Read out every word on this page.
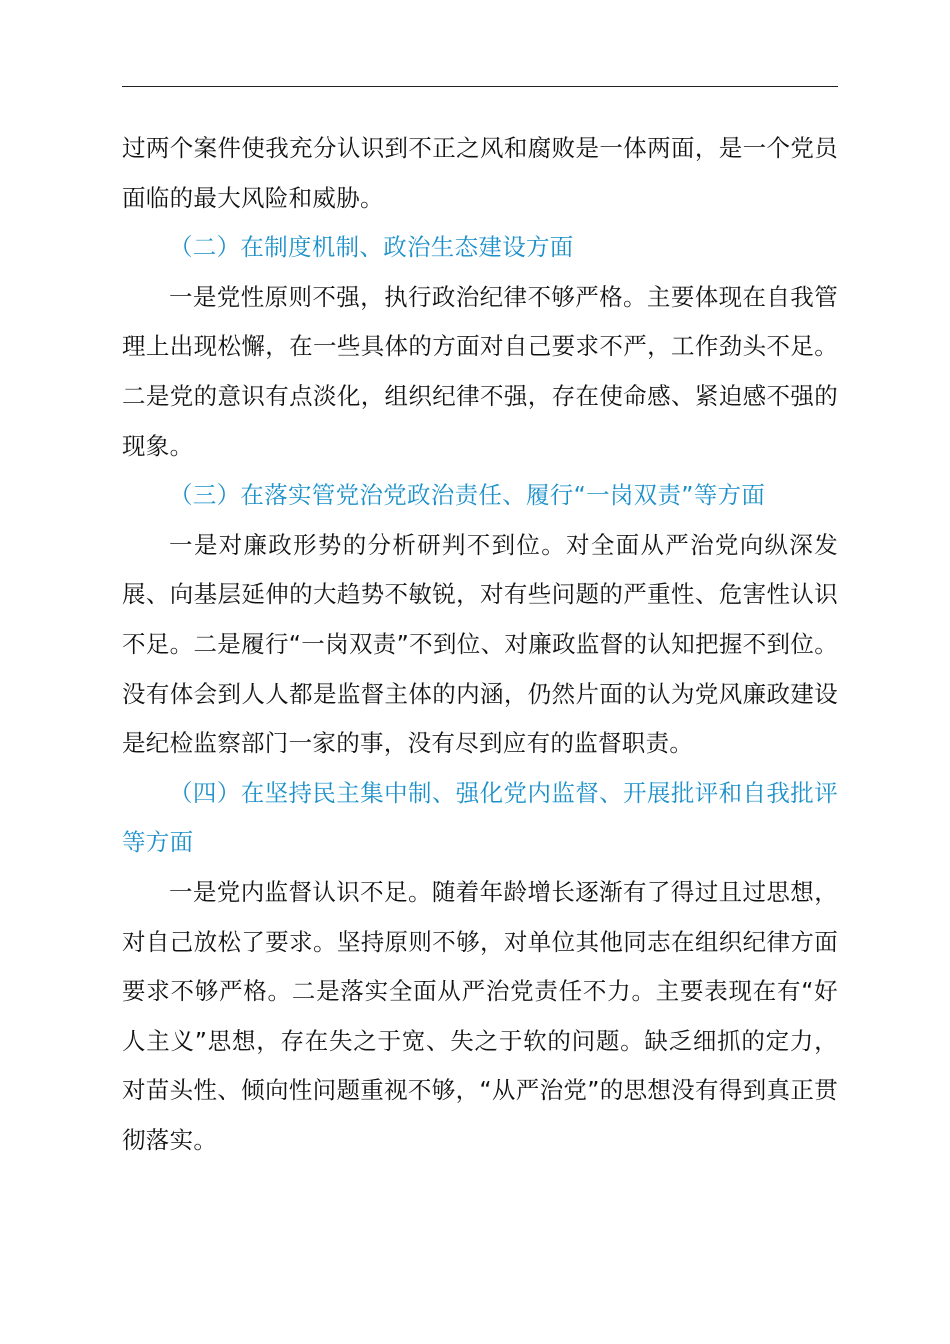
过两个案件使我充分认识到不正之风和腐败是一体两面，是一个党员面临的最大风险和威胁。

（二）在制度机制、政治生态建设方面

一是党性原则不强，执行政治纪律不够严格。主要体现在自我管理上出现松懈，在一些具体的方面对自己要求不严，工作劲头不足。二是党的意识有点淡化，组织纪律不强，存在使命感、紧迫感不强的现象。

（三）在落实管党治党政治责任、履行“一岗双责”等方面

一是对廉政形势的分析研判不到位。对全面从严治党向纵深发展、向基层延伸的大趋势不敏锐，对有些问题的严重性、危害性认识不足。二是履行“一岗双责”不到位、对廉政监督的认知把握不到位。没有体会到人人都是监督主体的内涵，仍然片面的认为党风廉政建设是纪检监察部门一家的事，没有尽到应有的监督职责。

（四）在坚持民主集中制、强化党内监督、开展批评和自我批评等方面

一是党内监督认识不足。随着年龄增长逐渐有了得过且过思想，对自己放松了要求。坚持原则不够，对单位其他同志在组织纪律方面要求不够严格。二是落实全面从严治党责任不力。主要表现在有“好人主义”思想，存在失之于宽、失之于软的问题。缺乏细抓的定力，对苗头性、倾向性问题重视不够，“从严治党”的思想没有得到真正贯彻落实。
